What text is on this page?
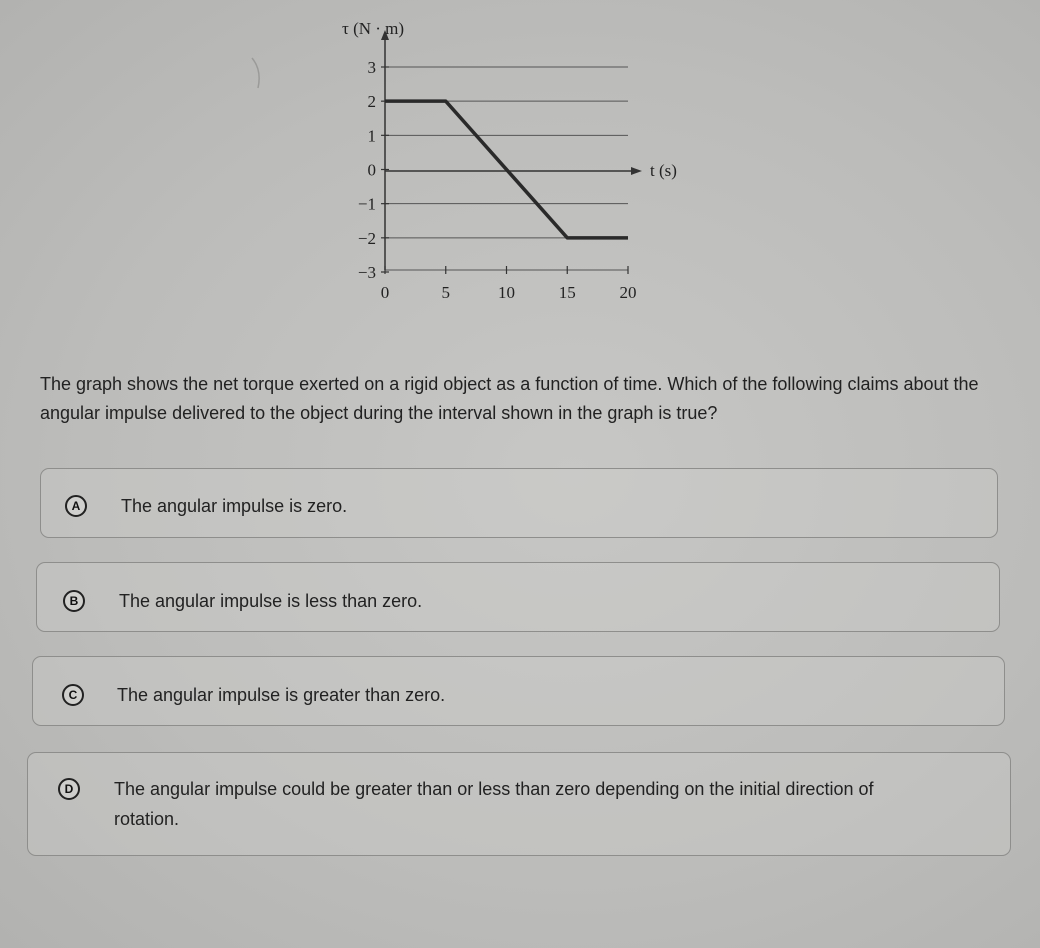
τ (N · m)
t (s)
3
2
1
0
−1
−2
−3
0	5	10	15	20
The graph shows the net torque exerted on a rigid object as a function of time. Which of the following claims about the angular impulse delivered to the object during the interval shown in the graph is true?
A	The angular impulse is zero.
B	The angular impulse is less than zero.
C	The angular impulse is greater than zero.
D	The angular impulse could be greater than or less than zero depending on the initial direction of rotation.
